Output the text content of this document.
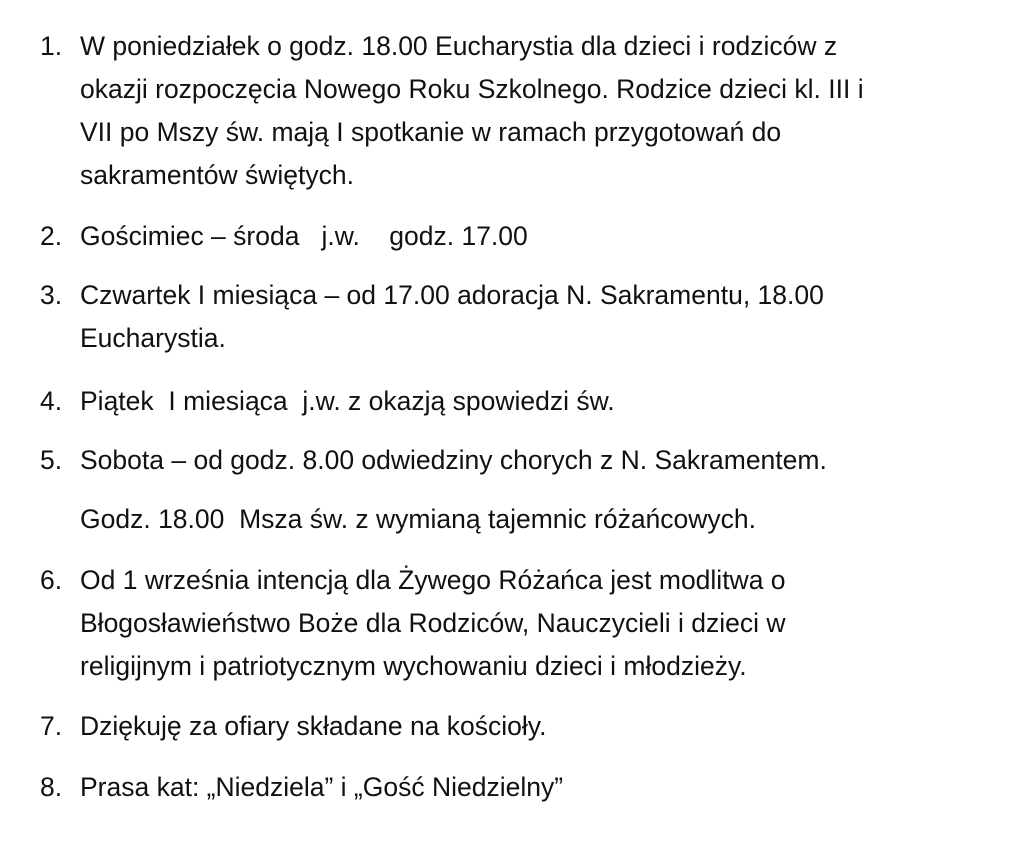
1. W poniedziałek o godz. 18.00 Eucharystia dla dzieci i rodziców z
okazji rozpoczęcia Nowego Roku Szkolnego. Rodzice dzieci kl. III i
VII po Mszy św. mają I spotkanie w ramach przygotowań do
sakramentów świętych.
2. Gościmiec – środa   j.w.    godz. 17.00
3. Czwartek I miesiąca – od 17.00 adoracja N. Sakramentu, 18.00
Eucharystia.
4. Piątek  I miesiąca  j.w. z okazją spowiedzi św.
5. Sobota – od godz. 8.00 odwiedziny chorych z N. Sakramentem.
Godz. 18.00  Msza św. z wymianą tajemnic różańcowych.
6. Od 1 września intencją dla Żywego Różańca jest modlitwa o
Błogosławieństwo Boże dla Rodziców, Nauczycieli i dzieci w
religijnym i patriotycznym wychowaniu dzieci i młodzieży.
7. Dziękuję za ofiary składane na kościoły.
8. Prasa kat: „Niedziela” i „Gość Niedzielny”
